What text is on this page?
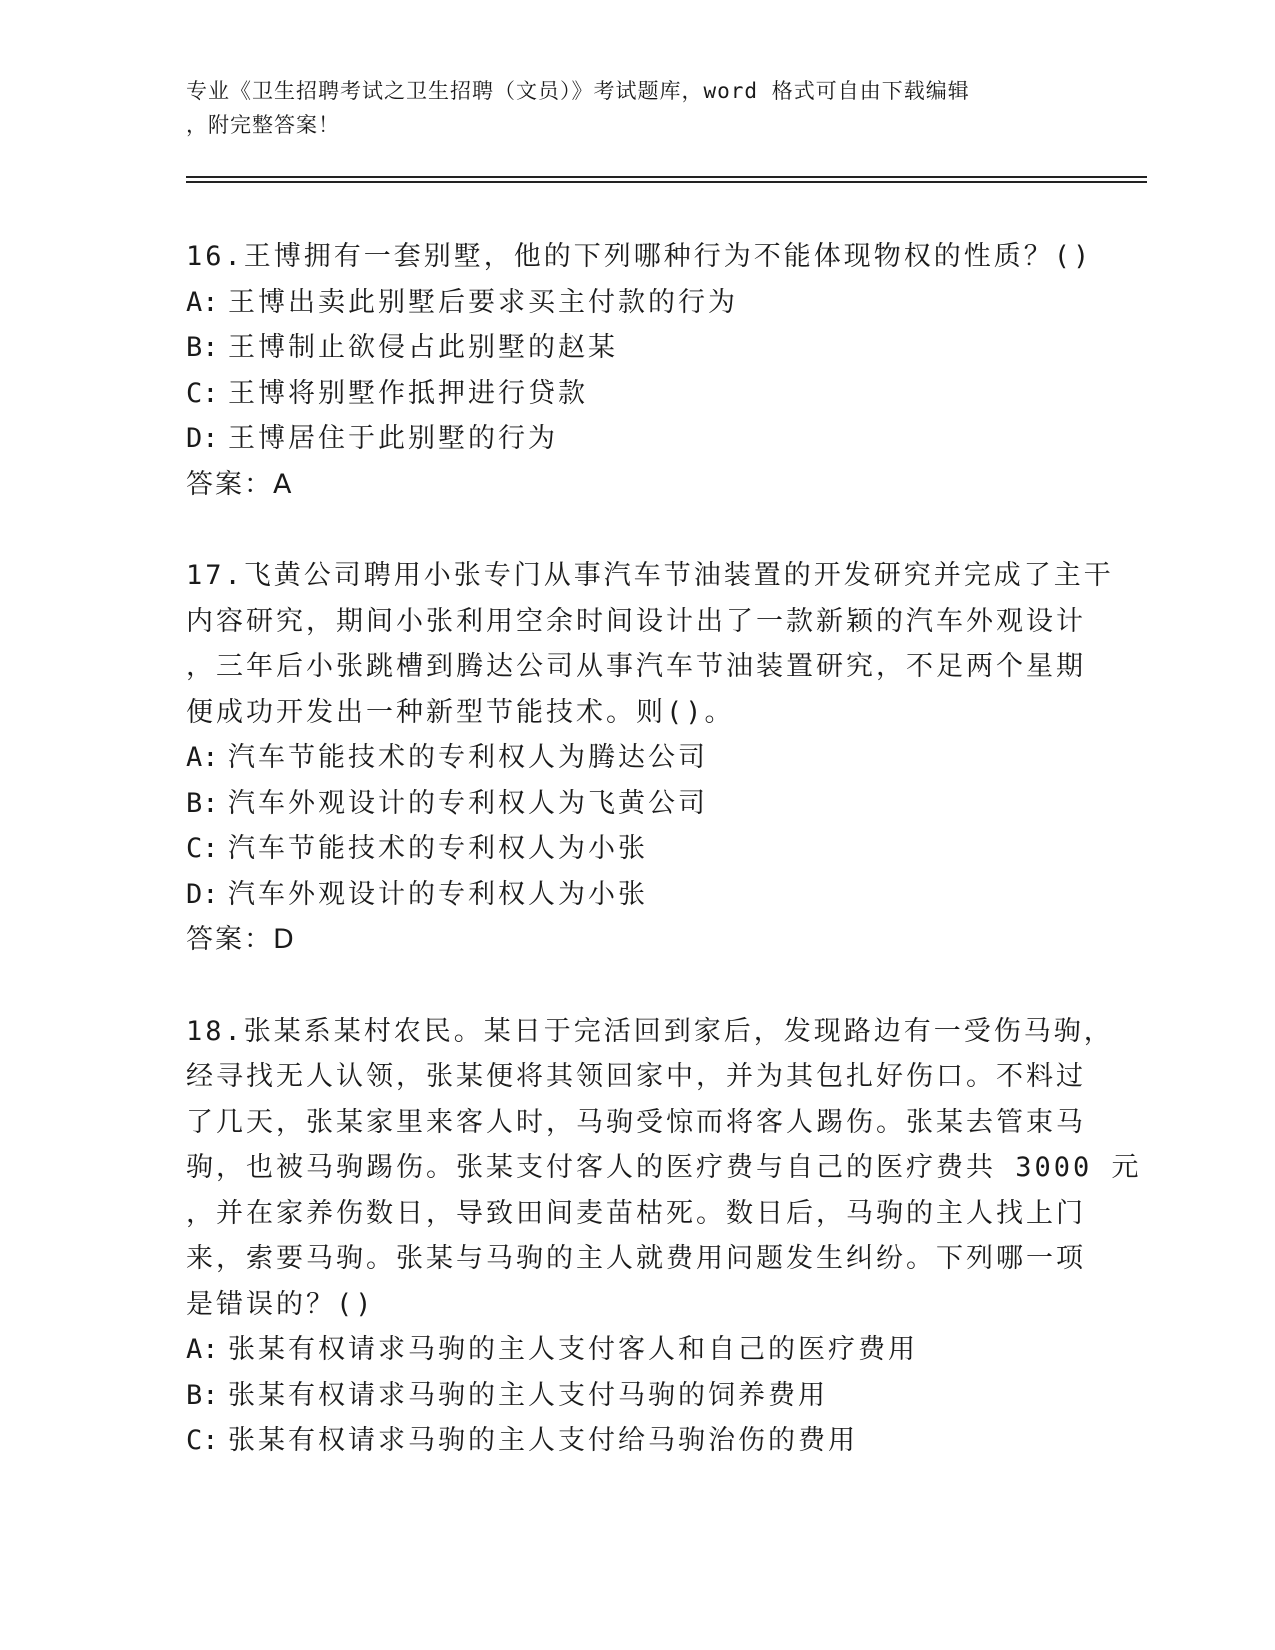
专业《卫生招聘考试之卫生招聘（文员）》考试题库，word 格式可自由下载编辑

，附完整答案！

16.王博拥有一套别墅，他的下列哪种行为不能体现物权的性质？()

A: 王博出卖此别墅后要求买主付款的行为

B: 王博制止欲侵占此别墅的赵某

C: 王博将别墅作抵押进行贷款

D: 王博居住于此别墅的行为

答案：A

17.飞黄公司聘用小张专门从事汽车节油装置的开发研究并完成了主干

内容研究，期间小张利用空余时间设计出了一款新颖的汽车外观设计

，三年后小张跳槽到腾达公司从事汽车节油装置研究，不足两个星期

便成功开发出一种新型节能技术。则()。

A: 汽车节能技术的专利权人为腾达公司

B: 汽车外观设计的专利权人为飞黄公司

C: 汽车节能技术的专利权人为小张

D: 汽车外观设计的专利权人为小张

答案：D

18.张某系某村农民。某日于完活回到家后，发现路边有一受伤马驹，

经寻找无人认领，张某便将其领回家中，并为其包扎好伤口。不料过

了几天，张某家里来客人时，马驹受惊而将客人踢伤。张某去管束马

驹，也被马驹踢伤。张某支付客人的医疗费与自己的医疗费共 3000 元

，并在家养伤数日，导致田间麦苗枯死。数日后，马驹的主人找上门

来，索要马驹。张某与马驹的主人就费用问题发生纠纷。下列哪一项

是错误的？()

A: 张某有权请求马驹的主人支付客人和自己的医疗费用

B: 张某有权请求马驹的主人支付马驹的饲养费用

C: 张某有权请求马驹的主人支付给马驹治伤的费用
